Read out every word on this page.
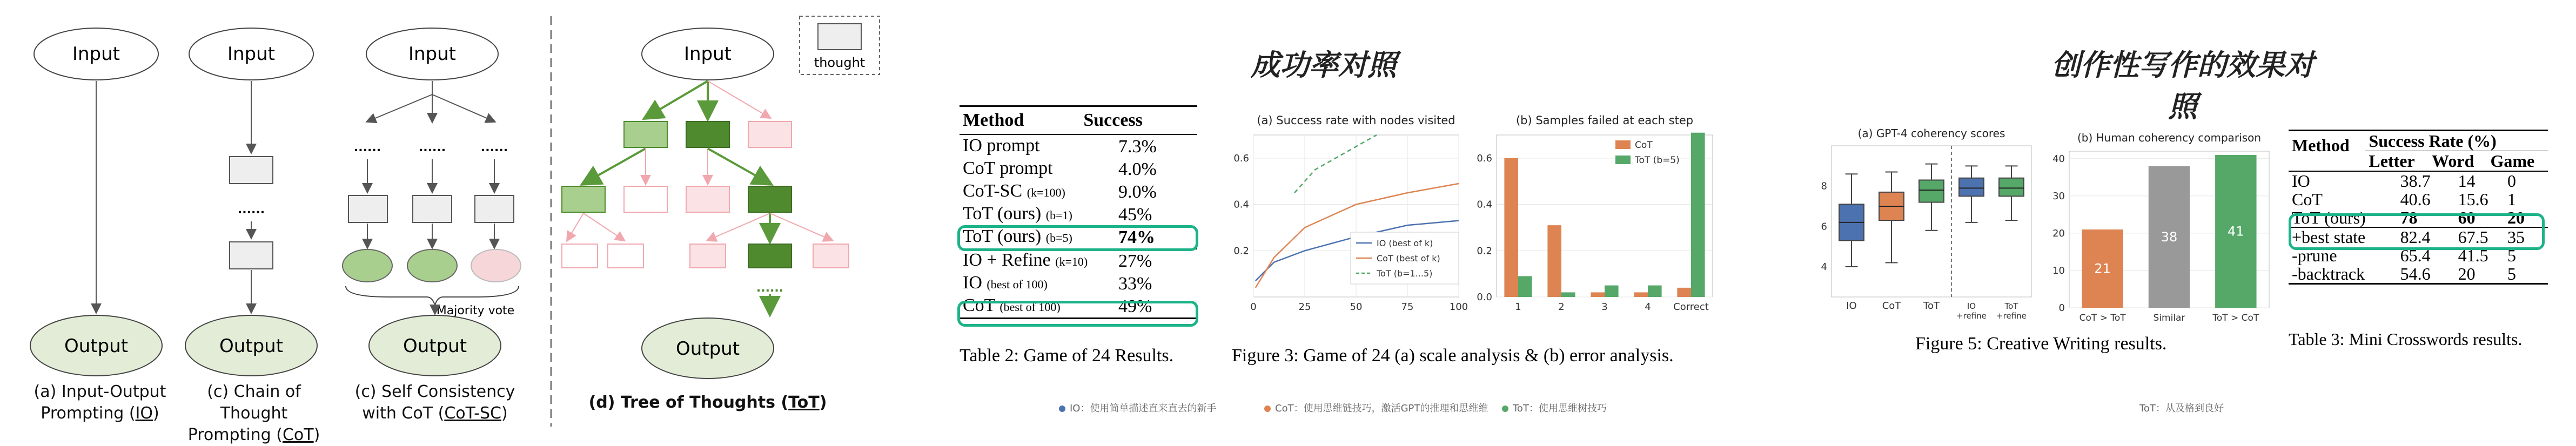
Input
Output
Input
......
Output
Input
......	......	......
Majority vote
Output
thought
Input
......
Output
(a) Input-Output
Prompting (IO)
(c) Chain of Thought
Prompting (CoT)
(c) Self Consistency
with CoT (CoT-SC)
(d) Tree of Thoughts (ToT)
成功率对照
Method	Success
IO prompt	7.3%
CoT prompt	4.0%
CoT-SC (k=100)	9.0%
ToT (ours) (b=1)	45%
ToT (ours) (b=5)	74%
IO + Refine (k=10)	27%
IO (best of 100)	33%
CoT (best of 100)	49%
Table 2: Game of 24 Results.
(a) Success rate with nodes visited
0	25	50	75	100
0.2
0.4
0.6
IO (best of k)
CoT (best of k)
ToT (b=1...5)
(b) Samples failed at each step
0.0
0.2
0.4
0.6
1	2	3	4 Correct
CoT
ToT (b=5)
Figure 3: Game of 24 (a) scale analysis & (b) error analysis.
创作性写作的效果对照
(a) GPT-4 coherency scores
4
6
8
IO	CoT ToT	IO
+refine
ToT
+refine
(b) Human coherency comparison
0
10
20
30
40
21
CoT > ToT
38
Similar
41
ToT > CoT
Figure 5: Creative Writing results.
Method	Success Rate (%)		
	Letter	Word	Game
IO	38.7	14	0
CoT	40.6	15.6	1
ToT (ours)	78	60	20
+best state	82.4	67.5	35
-prune	65.4	41.5	5
-backtrack	54.6	20	5
Table 3: Mini Crosswords results.
IO：使用简单描述直来直去的新手	CoT：使用思维链技巧，激活GPT的推理和思维维	ToT：使用思维树技巧	ToT：从及格到良好
